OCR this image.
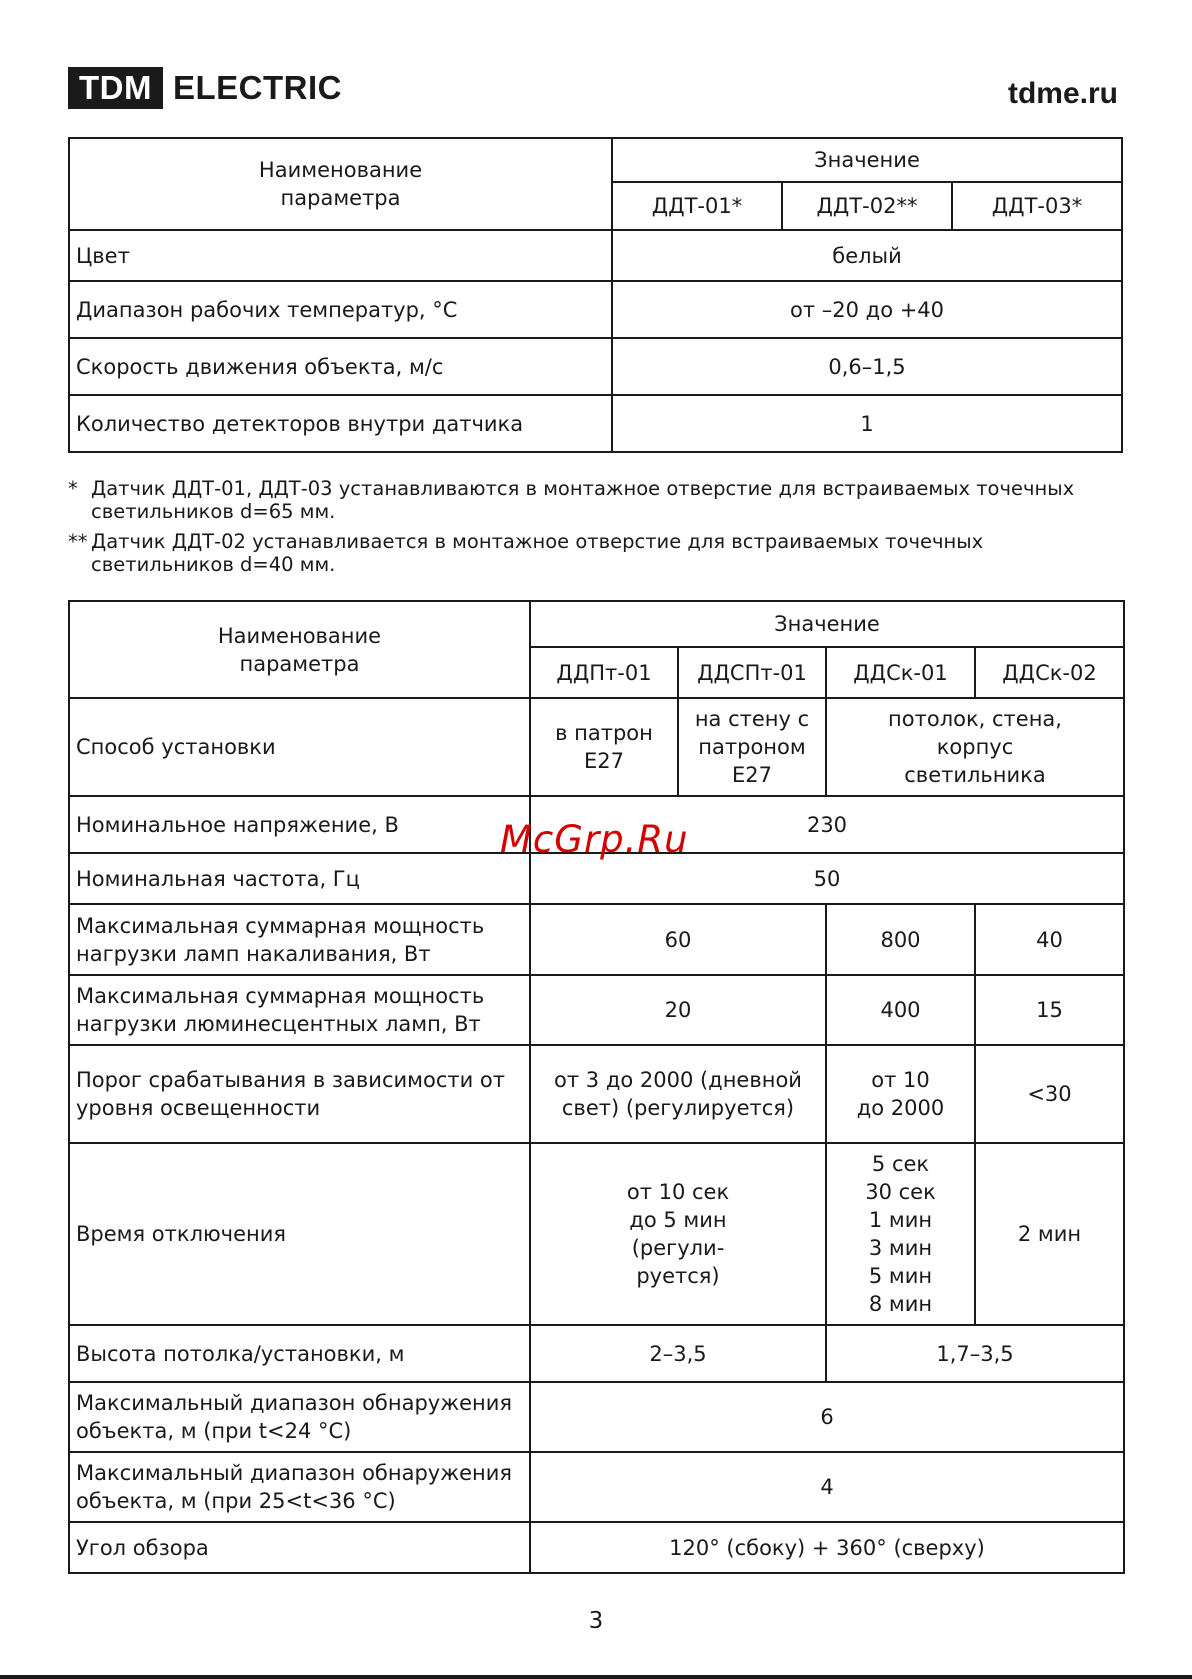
TDM ELECTRIC	tdme.ru
Наименование параметра	Значение		
	ДДТ-01*	ДДТ-02**	ДДТ-03*
Цвет	белый		
Диапазон рабочих температур, °С	от –20 до +40		
Скорость движения объекта, м/с	0,6–1,5		
Количество детекторов внутри датчика	1		
* Датчик ДДТ-01, ДДТ-03 устанавливаются в монтажное отверстие для встраиваемых точечных светильников d=65 мм.
** Датчик ДДТ-02 устанавливается в монтажное отверстие для встраиваемых точечных светильников d=40 мм.
Наименование параметра	Значение			
	ДДПт-01	ДДСПт-01	ДДСк-01	ДДСк-02
Способ установки	в патрон Е27	на стену с патроном Е27	потолок, стена, корпус светильника	
Номинальное напряжение, В	230			
Номинальная частота, Гц	50			
Максимальная суммарная мощность нагрузки ламп накаливания, Вт	60		800	40
Максимальная суммарная мощность нагрузки люминесцентных ламп, Вт	20		400	15
Порог срабатывания в зависимости от уровня освещенности	от 3 до 2000 (дневной свет) (регулируется)		от 10 до 2000	<30
Время отключения	от 10 сек до 5 мин (регули- руется)		5 сек 30 сек 1 мин 3 мин 5 мин 8 мин	2 мин
Высота потолка/установки, м	2–3,5		1,7–3,5	
Максимальный диапазон обнаружения объекта, м (при t<24 °C)	6			
Максимальный диапазон обнаружения объекта, м (при 25<t<36 °C)	4			
Угол обзора	120° (сбоку) + 360° (сверху)			
McGrp.Ru
3
